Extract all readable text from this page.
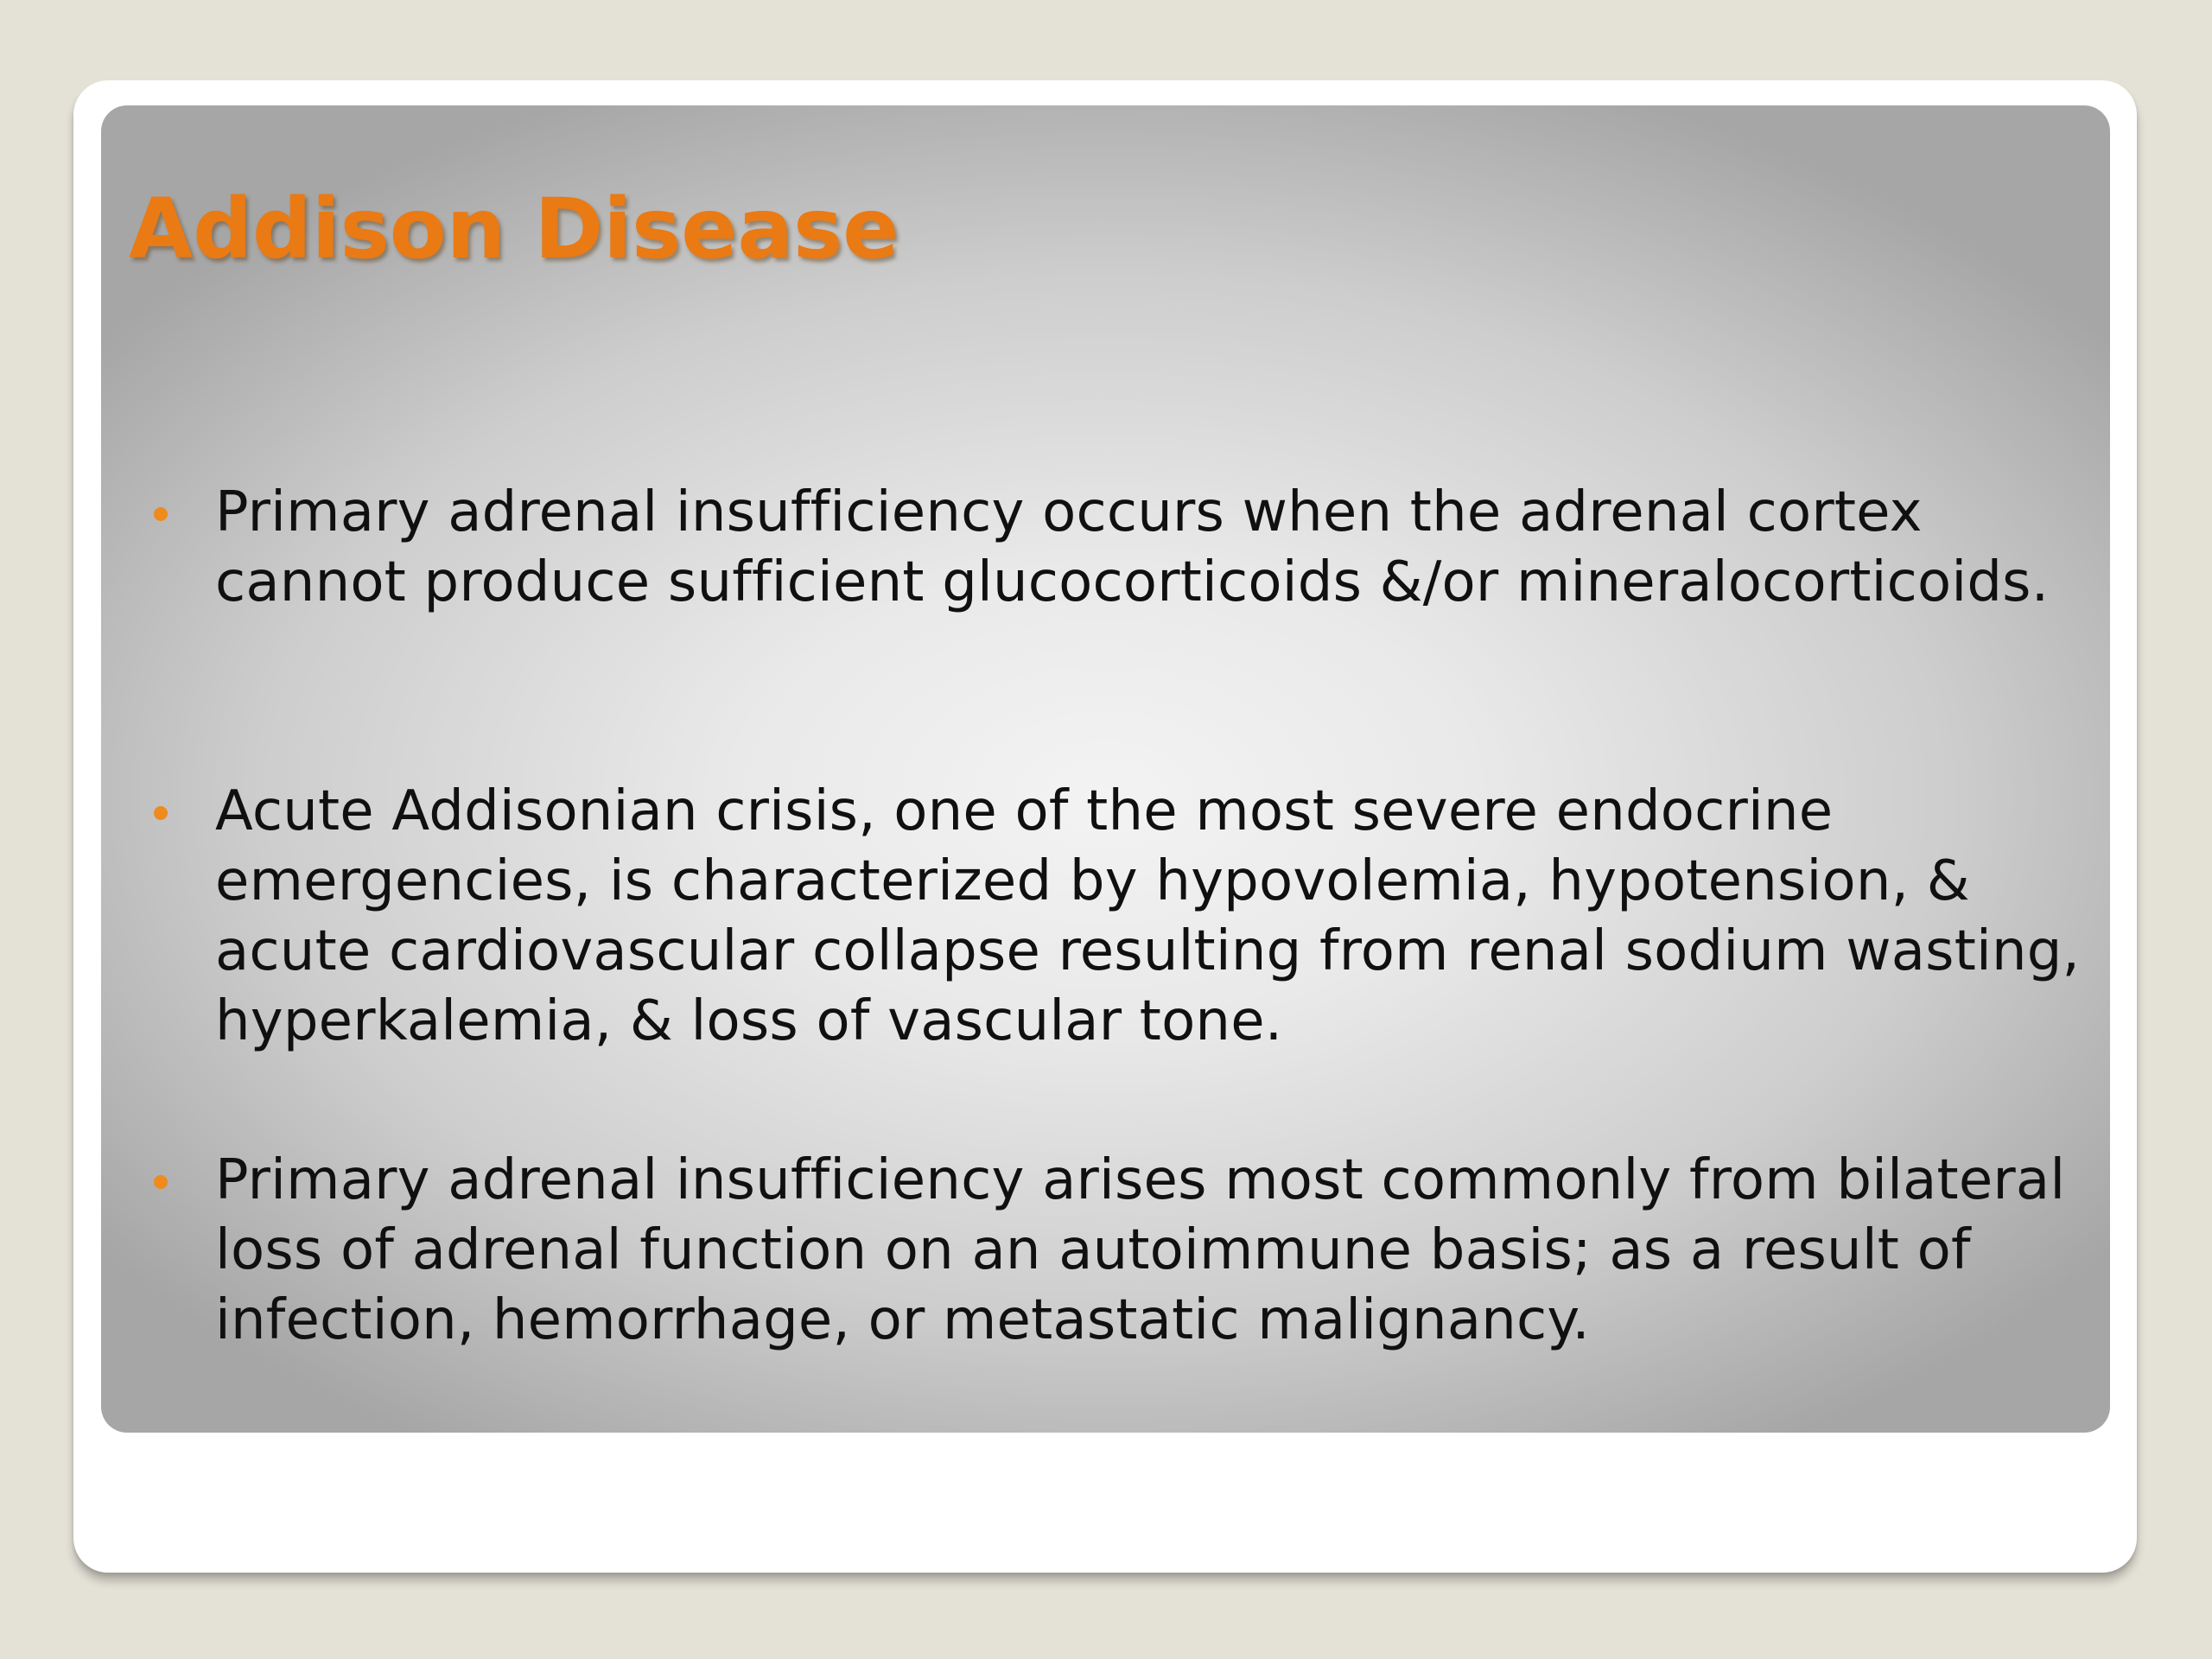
Addison Disease

Primary adrenal insufficiency occurs when the adrenal cortex cannot produce sufficient glucocorticoids &/or mineralocorticoids.

Acute Addisonian crisis, one of the most severe endocrine emergencies, is characterized by hypovolemia, hypotension, & acute cardiovascular collapse resulting from renal sodium wasting, hyperkalemia, & loss of vascular tone.

Primary adrenal insufficiency arises most commonly from bilateral loss of adrenal function on an autoimmune basis; as a result of infection, hemorrhage, or metastatic malignancy.
